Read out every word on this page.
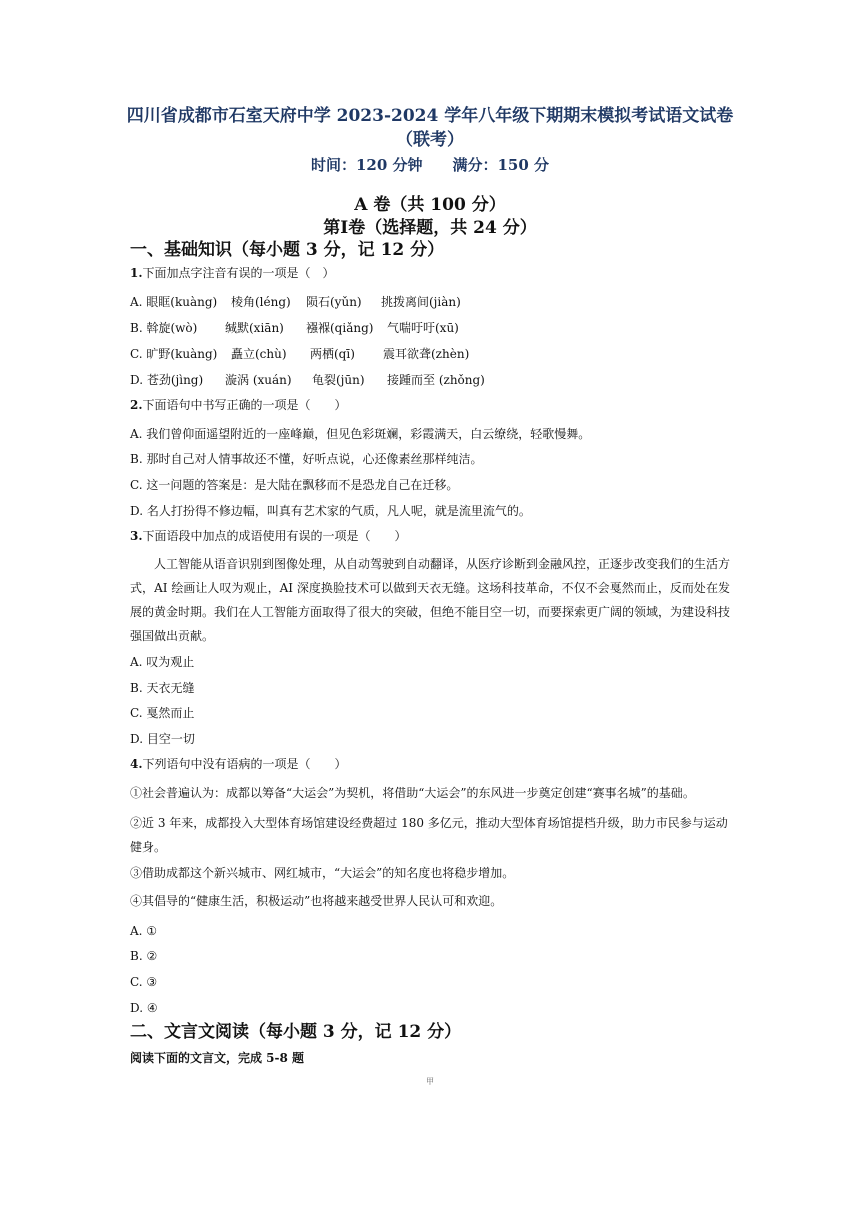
四川省成都市石室天府中学 2023-2024 学年八年级下期期末模拟考试语文试卷
（联考）
时间：120 分钟 满分：150 分
A 卷（共 100 分）
第Ⅰ卷（选择题，共 24 分）
一、基础知识（每小题 3 分，记 12 分）
1.下面加点字注音有误的一项是（　）
A. 眼眶(kuàng) 棱角(léng) 陨石(yǔn) 挑拨离间(jiàn)
B. 斡旋(wò) 缄默(xiān) 襁褓(qiǎng) 气喘吁吁(xū)
C. 旷野(kuàng) 矗立(chù) 两栖(qī) 震耳欲聋(zhèn)
D. 苍劲(jìng) 漩涡 (xuán) 龟裂(jūn) 接踵而至 (zhǒng)
2.下面语句中书写正确的一项是（　　）
A. 我们曾仰面遥望附近的一座峰巅，但见色彩斑斓，彩霞满天，白云缭绕，轻歌慢舞。
B. 那时自己对人情事故还不懂，好听点说，心还像素丝那样纯洁。
C. 这一问题的答案是：是大陆在飘移而不是恐龙自己在迁移。
D. 名人打扮得不修边幅，叫真有艺术家的气质，凡人呢，就是流里流气的。
3.下面语段中加点的成语使用有误的一项是（　　）
人工智能从语音识别到图像处理，从自动驾驶到自动翻译，从医疗诊断到金融风控，正逐步改变我们的生活方式，AI 绘画让人叹为观止，AI 深度换脸技术可以做到天衣无缝。这场科技革命，不仅不会戛然而止，反而处在发展的黄金时期。我们在人工智能方面取得了很大的突破，但绝不能目空一切，而要探索更广阔的领域，为建设科技强国做出贡献。
A. 叹为观止
B. 天衣无缝
C. 戛然而止
D. 目空一切
4.下列语句中没有语病的一项是（　　）
①社会普遍认为：成都以筹备“大运会”为契机，将借助“大运会”的东风进一步奠定创建“赛事名城”的基础。
②近 3 年来，成都投入大型体育场馆建设经费超过 180 多亿元，推动大型体育场馆提档升级，助力市民参与运动健身。
③借助成都这个新兴城市、网红城市，“大运会”的知名度也将稳步增加。
④其倡导的“健康生活，积极运动”也将越来越受世界人民认可和欢迎。
A. ①
B. ②
C. ③
D. ④
二、文言文阅读（每小题 3 分，记 12 分）
阅读下面的文言文，完成 5-8 题
甲
